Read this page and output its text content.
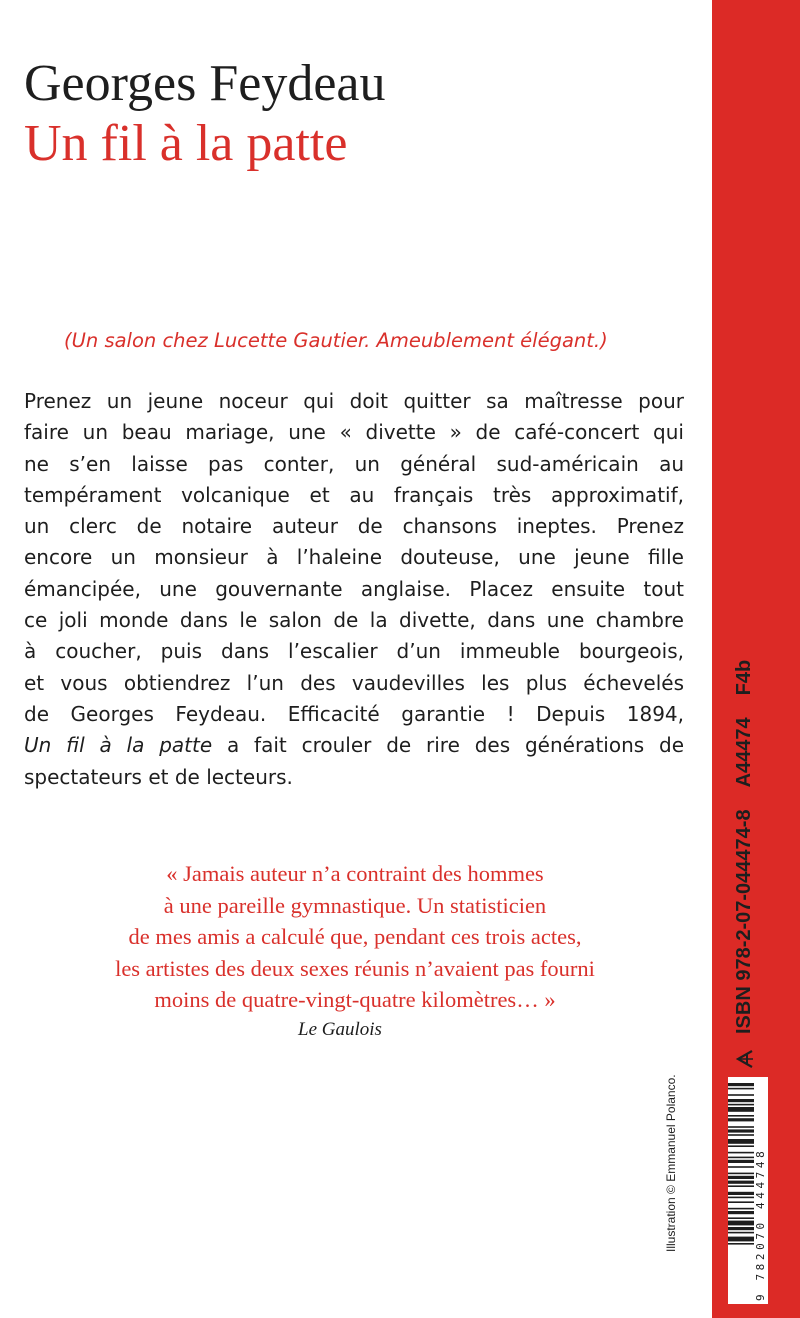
Georges Feydeau
Un fil à la patte
(Un salon chez Lucette Gautier. Ameublement élégant.)
Prenez un jeune noceur qui doit quitter sa maîtresse pour
faire un beau mariage, une « divette » de café-concert qui
ne s’en laisse pas conter, un général sud-américain au
tempérament volcanique et au français très approximatif,
un clerc de notaire auteur de chansons ineptes. Prenez
encore un monsieur à l’haleine douteuse, une jeune fille
émancipée, une gouvernante anglaise. Placez ensuite tout
ce joli monde dans le salon de la divette, dans une chambre
à coucher, puis dans l’escalier d’un immeuble bourgeois,
et vous obtiendrez l’un des vaudevilles les plus échevelés
de Georges Feydeau. Efficacité garantie ! Depuis 1894,
Un fil à la patte a fait crouler de rire des générations de
spectateurs et de lecteurs.
« Jamais auteur n’a contraint des hommes
à une pareille gymnastique. Un statisticien
de mes amis a calculé que, pendant ces trois actes,
les artistes des deux sexes réunis n’avaient pas fourni
moins de quatre-vingt-quatre kilomètres… »
Le Gaulois
Illustration © Emmanuel Polanco.	9 782070 444748
ISBN 978-2-07-044474-8
A44474
F4b
